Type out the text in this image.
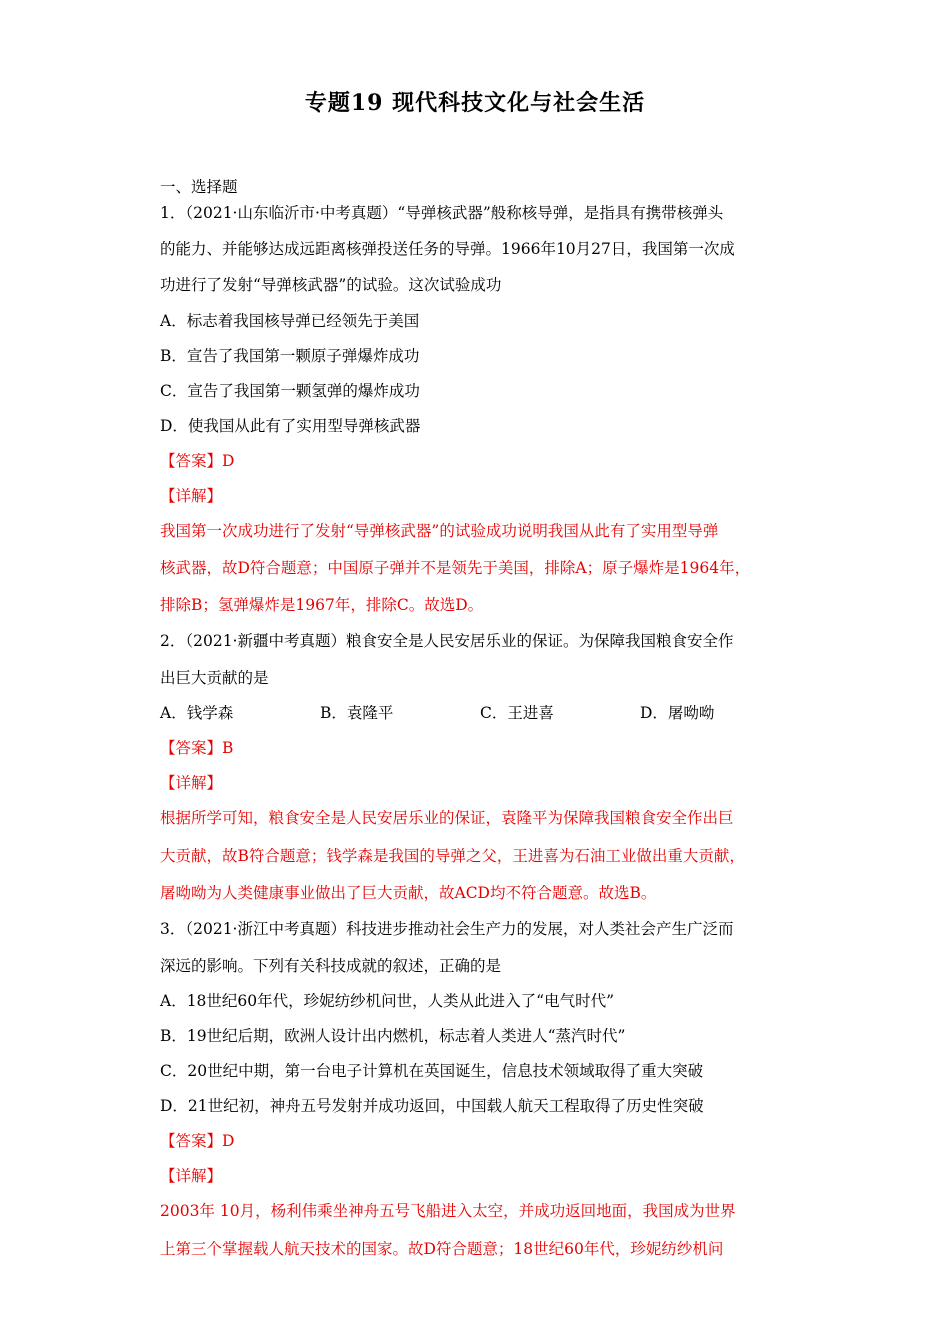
专题19 现代科技文化与社会生活
一、选择题
1．（2021·山东临沂市·中考真题）“导弹核武器”般称核导弹，是指具有携带核弹头
的能力、并能够达成远距离核弹投送任务的导弹。1966年10月27日，我国第一次成
功进行了发射“导弹核武器”的试验。这次试验成功
A．标志着我国核导弹已经领先于美国
B．宣告了我国第一颗原子弹爆炸成功
C．宣告了我国第一颗氢弹的爆炸成功
D．使我国从此有了实用型导弹核武器
【答案】D
【详解】
我国第一次成功进行了发射“导弹核武器”的试验成功说明我国从此有了实用型导弹
核武器，故D符合题意；中国原子弹并不是领先于美国，排除A；原子爆炸是1964年，
排除B；氢弹爆炸是1967年，排除C。故选D。
2．（2021·新疆中考真题）粮食安全是人民安居乐业的保证。为保障我国粮食安全作
出巨大贡献的是
A．钱学森	B．袁隆平	C．王进喜	D．屠呦呦
【答案】B
【详解】
根据所学可知，粮食安全是人民安居乐业的保证，袁隆平为保障我国粮食安全作出巨
大贡献，故B符合题意；钱学森是我国的导弹之父，王进喜为石油工业做出重大贡献，
屠呦呦为人类健康事业做出了巨大贡献，故ACD均不符合题意。故选B。
3．（2021·浙江中考真题）科技进步推动社会生产力的发展，对人类社会产生广泛而
深远的影响。下列有关科技成就的叙述，正确的是
A．18世纪60年代，珍妮纺纱机问世，人类从此进入了“电气时代”
B．19世纪后期，欧洲人设计出内燃机，标志着人类进人“蒸汽时代”
C．20世纪中期，第一台电子计算机在英国诞生，信息技术领域取得了重大突破
D．21世纪初，神舟五号发射并成功返回，中国载人航天工程取得了历史性突破
【答案】D
【详解】
2003年 10月，杨利伟乘坐神舟五号飞船进入太空，并成功返回地面，我国成为世界
上第三个掌握载人航天技术的国家。故D符合题意；18世纪60年代，珍妮纺纱机问
